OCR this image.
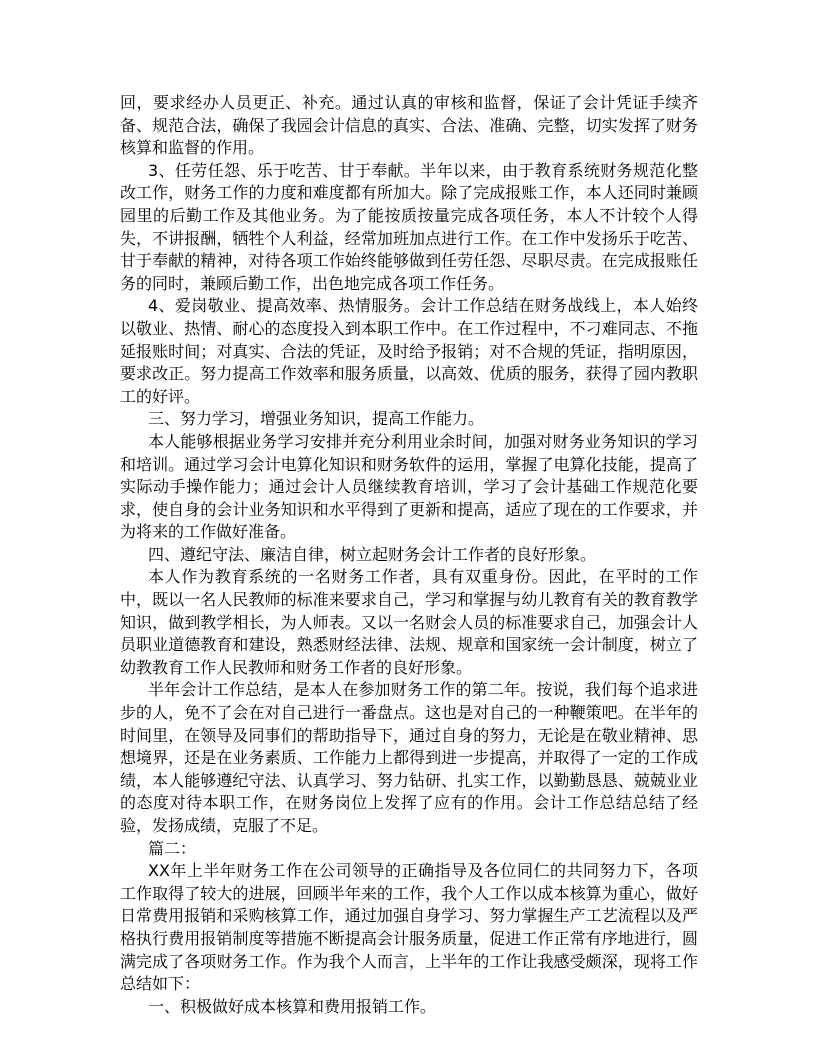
回，要求经办人员更正、补充。通过认真的审核和监督，保证了会计凭证手续齐
备、规范合法，确保了我园会计信息的真实、合法、准确、完整，切实发挥了财务
核算和监督的作用。
3、任劳任怨、乐于吃苦、甘于奉献。半年以来，由于教育系统财务规范化整
改工作，财务工作的力度和难度都有所加大。除了完成报账工作，本人还同时兼顾
园里的后勤工作及其他业务。为了能按质按量完成各项任务，本人不计较个人得
失，不讲报酬，牺牲个人利益，经常加班加点进行工作。在工作中发扬乐于吃苦、
甘于奉献的精神，对待各项工作始终能够做到任劳任怨、尽职尽责。在完成报账任
务的同时，兼顾后勤工作，出色地完成各项工作任务。
4、爱岗敬业、提高效率、热情服务。会计工作总结在财务战线上，本人始终
以敬业、热情、耐心的态度投入到本职工作中。在工作过程中，不刁难同志、不拖
延报账时间；对真实、合法的凭证，及时给予报销；对不合规的凭证，指明原因，
要求改正。努力提高工作效率和服务质量，以高效、优质的服务，获得了园内教职
工的好评。
三、努力学习，增强业务知识，提高工作能力。
本人能够根据业务学习安排并充分利用业余时间，加强对财务业务知识的学习
和培训。通过学习会计电算化知识和财务软件的运用，掌握了电算化技能，提高了
实际动手操作能力；通过会计人员继续教育培训，学习了会计基础工作规范化要
求，使自身的会计业务知识和水平得到了更新和提高，适应了现在的工作要求，并
为将来的工作做好准备。
四、遵纪守法、廉洁自律，树立起财务会计工作者的良好形象。
本人作为教育系统的一名财务工作者，具有双重身份。因此，在平时的工作
中，既以一名人民教师的标准来要求自己，学习和掌握与幼儿教育有关的教育教学
知识，做到教学相长，为人师表。又以一名财会人员的标准要求自己，加强会计人
员职业道德教育和建设，熟悉财经法律、法规、规章和国家统一会计制度，树立了
幼教教育工作人民教师和财务工作者的良好形象。
半年会计工作总结，是本人在参加财务工作的第二年。按说，我们每个追求进
步的人，免不了会在对自己进行一番盘点。这也是对自己的一种鞭策吧。在半年的
时间里，在领导及同事们的帮助指导下，通过自身的努力，无论是在敬业精神、思
想境界，还是在业务素质、工作能力上都得到进一步提高，并取得了一定的工作成
绩，本人能够遵纪守法、认真学习、努力钻研、扎实工作，以勤勤恳恳、兢兢业业
的态度对待本职工作，在财务岗位上发挥了应有的作用。会计工作总结总结了经
验，发扬成绩，克服了不足。
篇二：
XX年上半年财务工作在公司领导的正确指导及各位同仁的共同努力下，各项
工作取得了较大的进展，回顾半年来的工作，我个人工作以成本核算为重心，做好
日常费用报销和采购核算工作，通过加强自身学习、努力掌握生产工艺流程以及严
格执行费用报销制度等措施不断提高会计服务质量，促进工作正常有序地进行，圆
满完成了各项财务工作。作为我个人而言，上半年的工作让我感受颇深，现将工作
总结如下：
一、积极做好成本核算和费用报销工作。
